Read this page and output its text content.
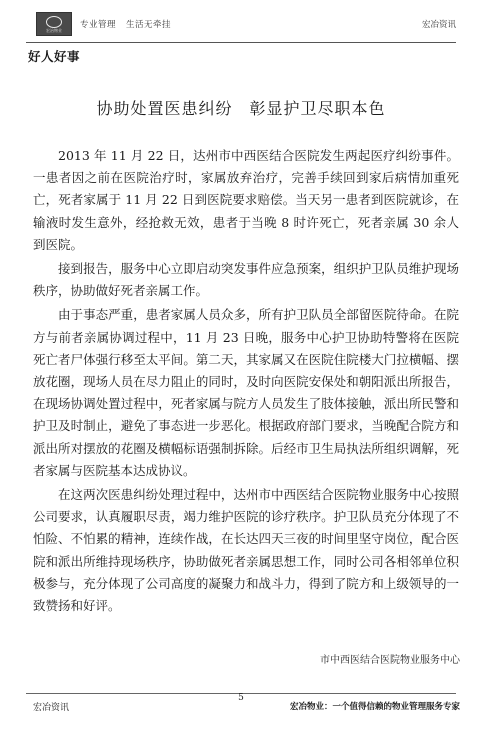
宏冶物业 专业管理 生活无牵挂	宏冶资讯
好人好事
协助处置医患纠纷　彰显护卫尽职本色

2013 年 11 月 22 日，达州市中西医结合医院发生两起医疗纠纷事件。一患者因之前在医院治疗时，家属放弃治疗，完善手续回到家后病情加重死亡，死者家属于 11 月 22 日到医院要求赔偿。当天另一患者到医院就诊，在输液时发生意外，经抢救无效，患者于当晚 8 时许死亡，死者亲属 30 余人到医院。

接到报告，服务中心立即启动突发事件应急预案，组织护卫队员维护现场秩序，协助做好死者亲属工作。

由于事态严重，患者家属人员众多，所有护卫队员全部留医院待命。在院方与前者亲属协调过程中，11 月 23 日晚，服务中心护卫协助特警将在医院死亡者尸体强行移至太平间。第二天，其家属又在医院住院楼大门拉横幅、摆放花圈，现场人员在尽力阻止的同时，及时向医院安保处和朝阳派出所报告，在现场协调处置过程中，死者家属与院方人员发生了肢体接触，派出所民警和护卫及时制止，避免了事态进一步恶化。根据政府部门要求，当晚配合院方和派出所对摆放的花圈及横幅标语强制拆除。后经市卫生局执法所组织调解，死者家属与医院基本达成协议。

在这两次医患纠纷处理过程中，达州市中西医结合医院物业服务中心按照公司要求，认真履职尽责，竭力维护医院的诊疗秩序。护卫队员充分体现了不怕险、不怕累的精神，连续作战，在长达四天三夜的时间里坚守岗位，配合医院和派出所维持现场秩序，协助做死者亲属思想工作，同时公司各相邻单位积极参与，充分体现了公司高度的凝聚力和战斗力，得到了院方和上级领导的一致赞扬和好评。

市中西医结合医院物业服务中心
宏冶资讯
5
宏冶物业：一个值得信赖的物业管理服务专家
